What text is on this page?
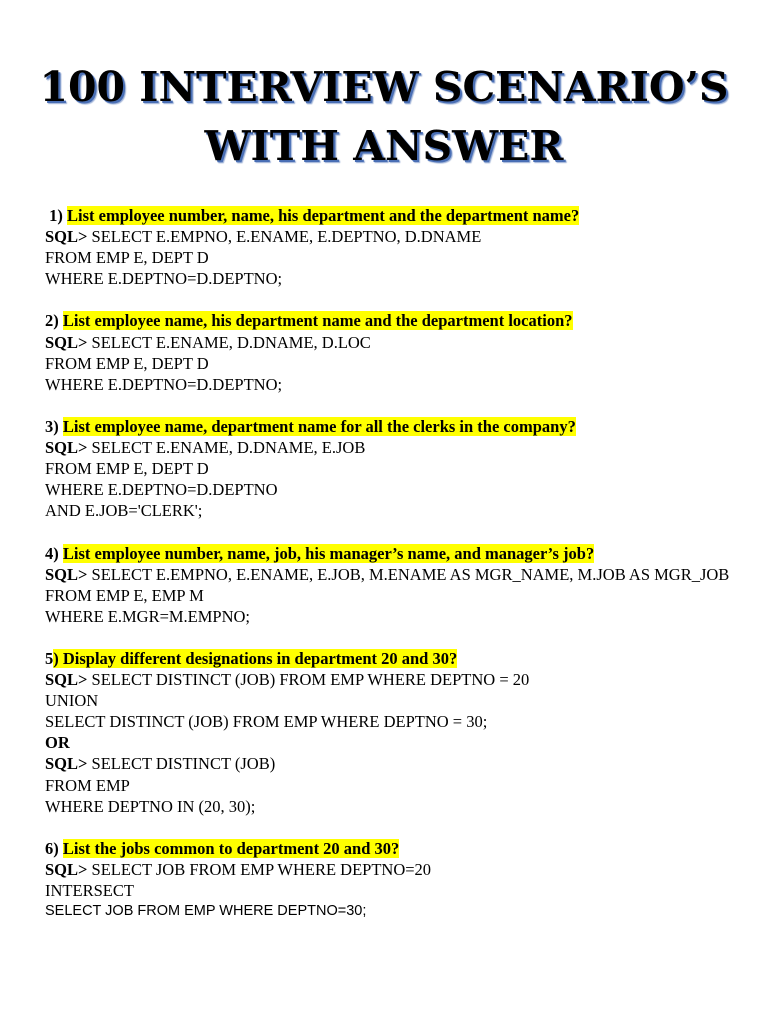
100 INTERVIEW SCENARIO’S
WITH ANSWER
1) List employee number, name, his department and the department name?
SQL> SELECT E.EMPNO, E.ENAME, E.DEPTNO, D.DNAME
FROM EMP E, DEPT D
WHERE E.DEPTNO=D.DEPTNO;
2) List employee name, his department name and the department location?
SQL> SELECT E.ENAME, D.DNAME, D.LOC
FROM EMP E, DEPT D
WHERE E.DEPTNO=D.DEPTNO;
3) List employee name, department name for all the clerks in the company?
SQL> SELECT E.ENAME, D.DNAME, E.JOB
FROM EMP E, DEPT D
WHERE E.DEPTNO=D.DEPTNO
AND E.JOB='CLERK';
4) List employee number, name, job, his manager’s name, and manager’s job?
SQL> SELECT E.EMPNO, E.ENAME, E.JOB, M.ENAME AS MGR_NAME, M.JOB AS MGR_JOB
FROM EMP E, EMP M
WHERE E.MGR=M.EMPNO;
5) Display different designations in department 20 and 30?
SQL> SELECT DISTINCT (JOB) FROM EMP WHERE DEPTNO = 20
UNION
SELECT DISTINCT (JOB) FROM EMP WHERE DEPTNO = 30;
OR
SQL> SELECT DISTINCT (JOB)
FROM EMP
WHERE DEPTNO IN (20, 30);
6) List the jobs common to department 20 and 30?
SQL> SELECT JOB FROM EMP WHERE DEPTNO=20
INTERSECT
SELECT JOB FROM EMP WHERE DEPTNO=30;
